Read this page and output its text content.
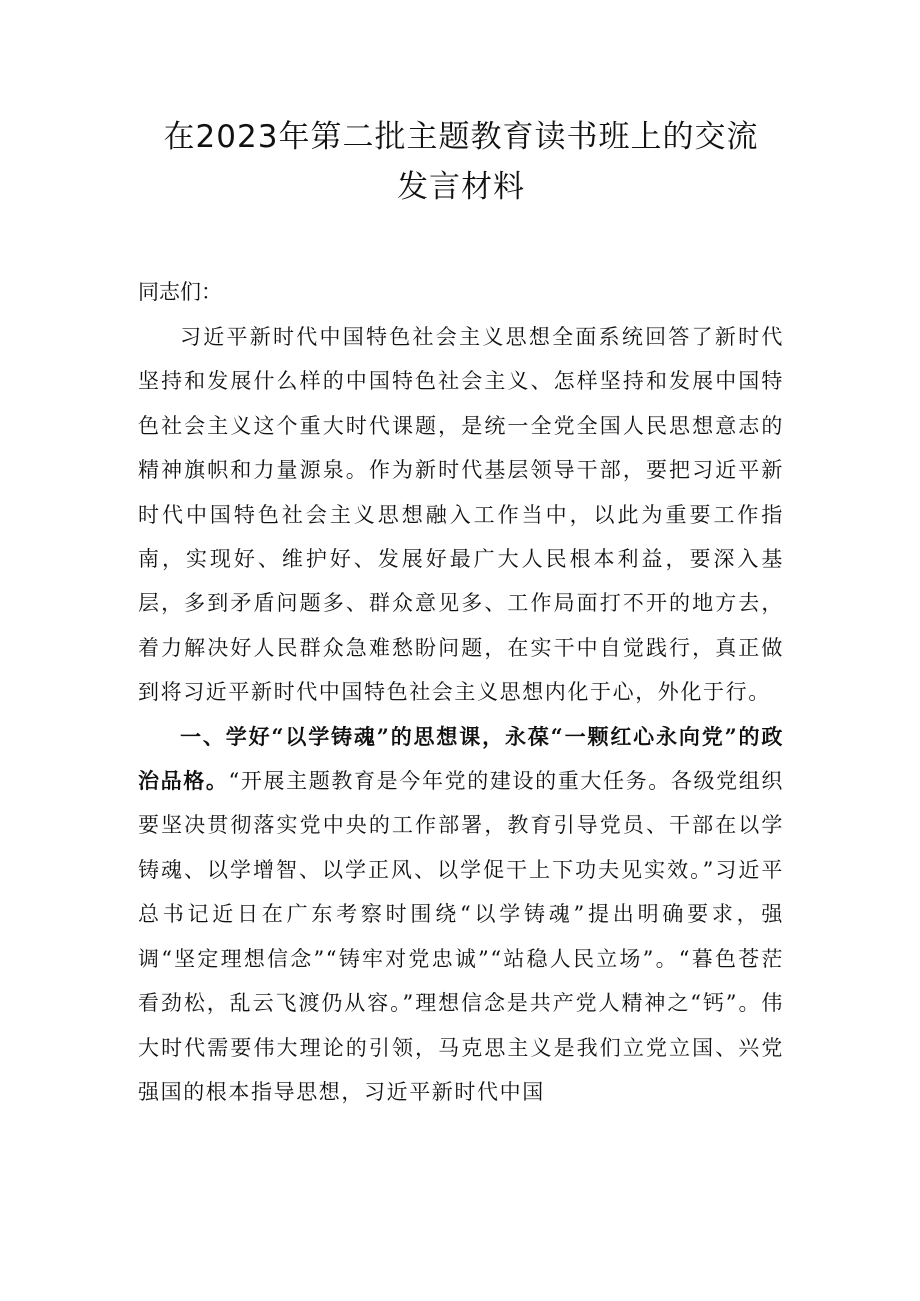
在2023年第二批主题教育读书班上的交流
发言材料

同志们：

习近平新时代中国特色社会主义思想全面系统回答了新时代坚持和发展什么样的中国特色社会主义、怎样坚持和发展中国特色社会主义这个重大时代课题，是统一全党全国人民思想意志的精神旗帜和力量源泉。作为新时代基层领导干部，要把习近平新时代中国特色社会主义思想融入工作当中，以此为重要工作指南，实现好、维护好、发展好最广大人民根本利益，要深入基层，多到矛盾问题多、群众意见多、工作局面打不开的地方去，着力解决好人民群众急难愁盼问题，在实干中自觉践行，真正做到将习近平新时代中国特色社会主义思想内化于心，外化于行。

一、学好“以学铸魂”的思想课，永葆“一颗红心永向党”的政治品格。“开展主题教育是今年党的建设的重大任务。各级党组织要坚决贯彻落实党中央的工作部署，教育引导党员、干部在以学铸魂、以学增智、以学正风、以学促干上下功夫见实效。”习近平总书记近日在广东考察时围绕“以学铸魂”提出明确要求，强调“坚定理想信念”“铸牢对党忠诚”“站稳人民立场”。“暮色苍茫看劲松，乱云飞渡仍从容。”理想信念是共产党人精神之“钙”。伟大时代需要伟大理论的引领，马克思主义是我们立党立国、兴党强国的根本指导思想，习近平新时代中国
